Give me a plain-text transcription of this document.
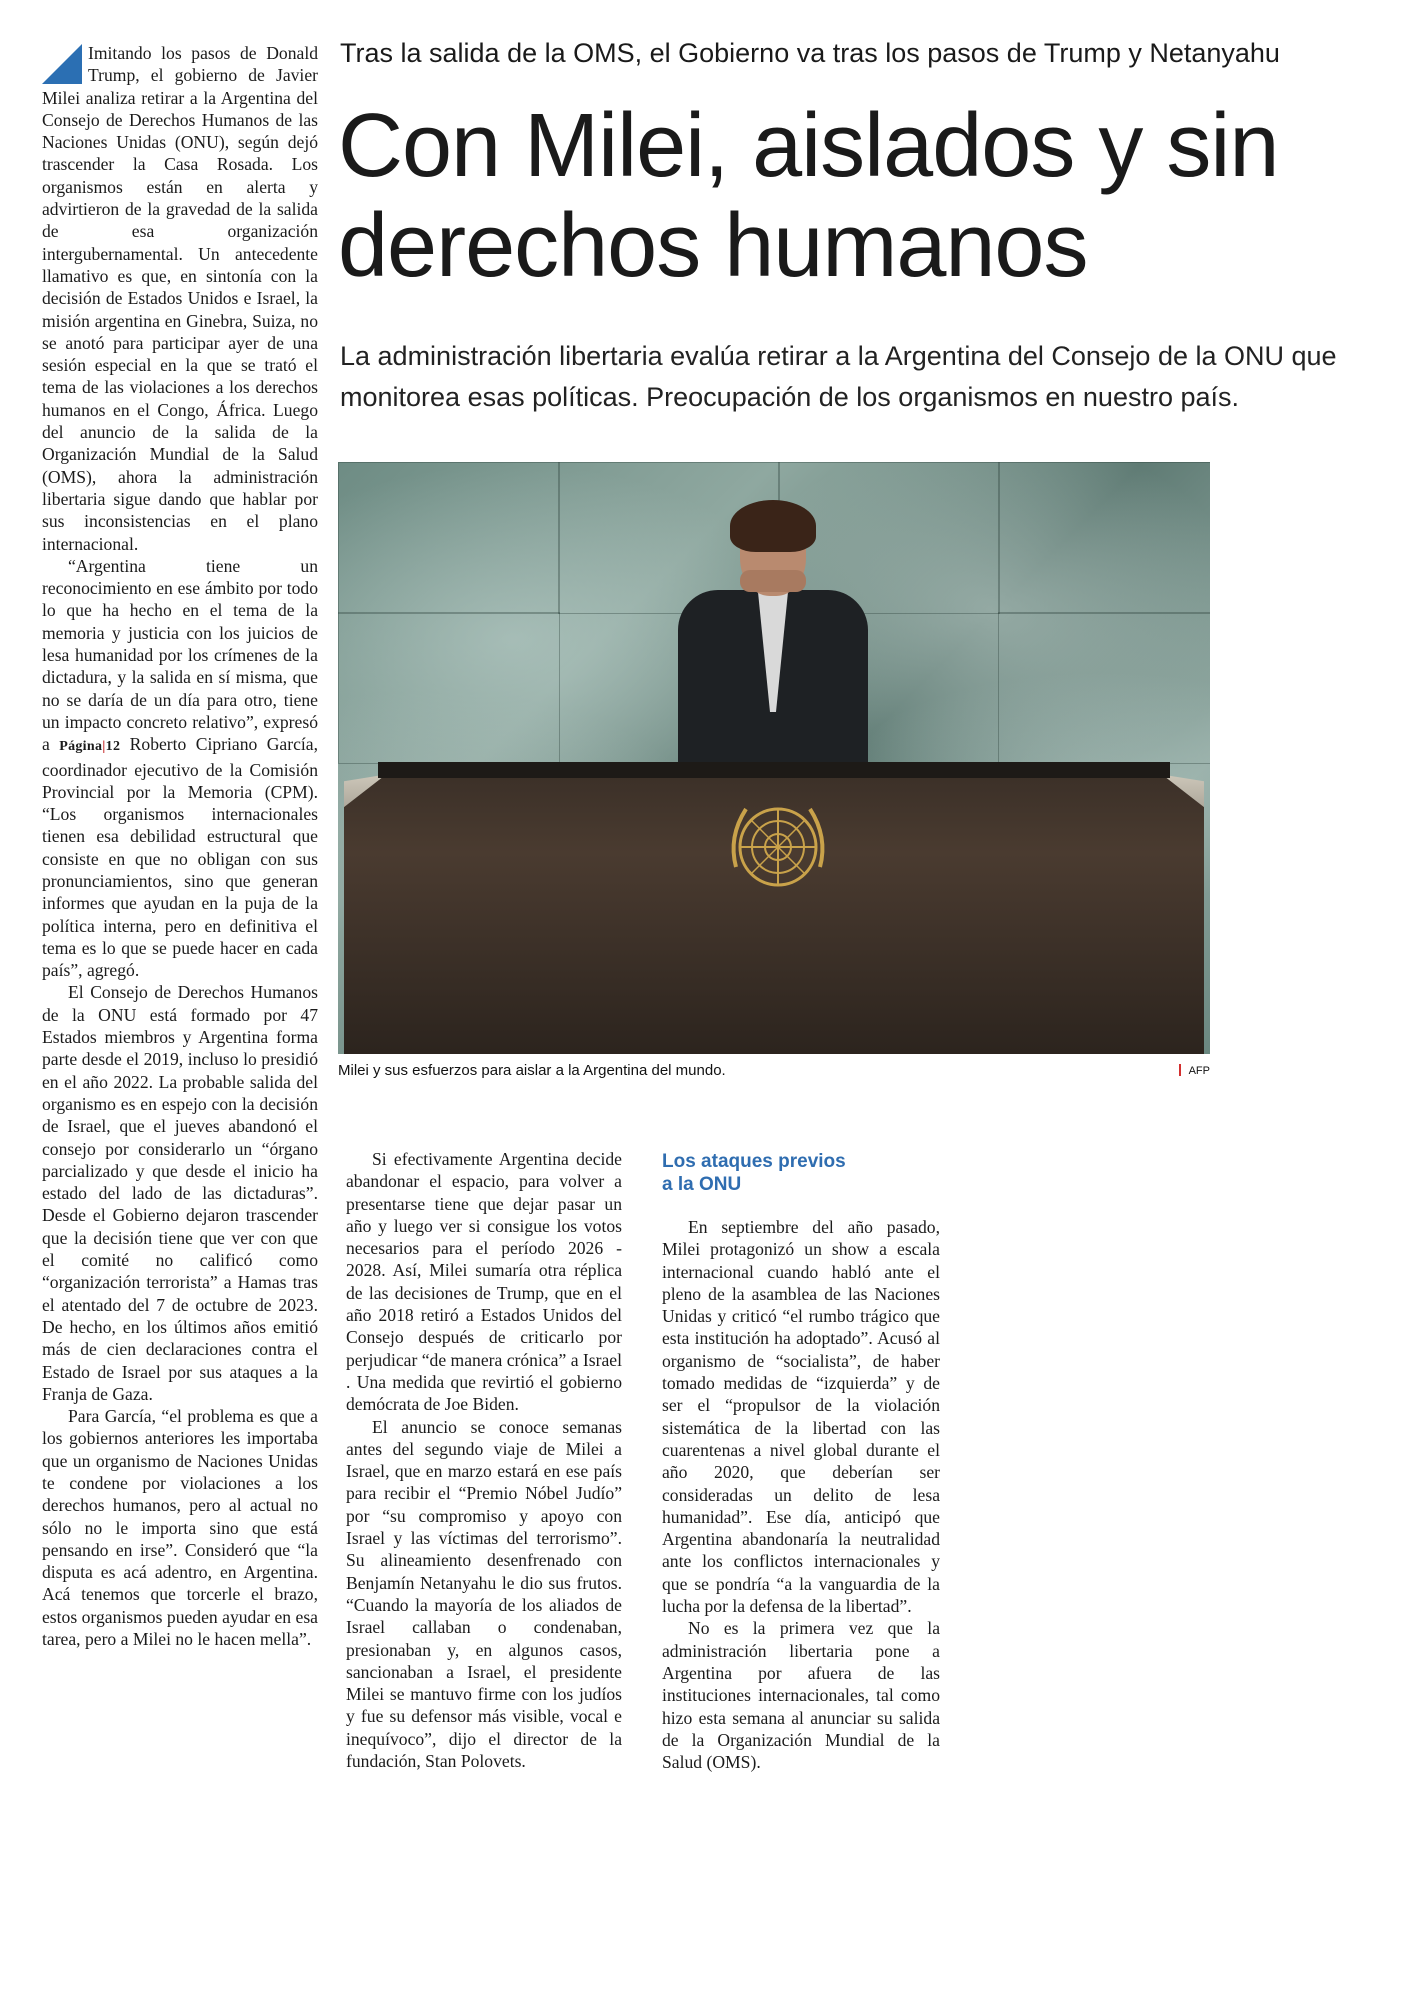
Tras la salida de la OMS, el Gobierno va tras los pasos de Trump y Netanyahu
Con Milei, aislados y sin derechos humanos
La administración libertaria evalúa retirar a la Argentina del Consejo de la ONU que monitorea esas políticas. Preocupación de los organismos en nuestro país.

Imitando los pasos de Donald Trump, el gobierno de Javier Milei analiza retirar a la Argentina del Consejo de Derechos Humanos de las Naciones Unidas (ONU), según dejó trascender la Casa Rosada. Los organismos están en alerta y advirtieron de la gravedad de la salida de esa organización intergubernamental. Un antecedente llamativo es que, en sintonía con la decisión de Estados Unidos e Israel, la misión argentina en Ginebra, Suiza, no se anotó para participar ayer de una sesión especial en la que se trató el tema de las violaciones a los derechos humanos en el Congo, África. Luego del anuncio de la salida de la Organización Mundial de la Salud (OMS), ahora la administración libertaria sigue dando que hablar por sus inconsistencias en el plano internacional.

“Argentina tiene un reconocimiento en ese ámbito por todo lo que ha hecho en el tema de la memoria y justicia con los juicios de lesa humanidad por los crímenes de la dictadura, y la salida en sí misma, que no se daría de un día para otro, tiene un impacto concreto relativo”, expresó a Página|12 Roberto Cipriano García, coordinador ejecutivo de la Comisión Provincial por la Memoria (CPM). “Los organismos internacionales tienen esa debilidad estructural que consiste en que no obligan con sus pronunciamientos, sino que generan informes que ayudan en la puja de la política interna, pero en definitiva el tema es lo que se puede hacer en cada país”, agregó.

El Consejo de Derechos Humanos de la ONU está formado por 47 Estados miembros y Argentina forma parte desde el 2019, incluso lo presidió en el año 2022. La probable salida del organismo es en espejo con la decisión de Israel, que el jueves abandonó el consejo por considerarlo un “órgano parcializado y que desde el inicio ha estado del lado de las dictaduras”. Desde el Gobierno dejaron trascender que la decisión tiene que ver con que el comité no calificó como “organización terrorista” a Hamas tras el atentado del 7 de octubre de 2023. De hecho, en los últimos años emitió más de cien declaraciones contra el Estado de Israel por sus ataques a la Franja de Gaza.

Para García, “el problema es que a los gobiernos anteriores les importaba que un organismo de Naciones Unidas te condene por violaciones a los derechos humanos, pero al actual no sólo no le importa sino que está pensando en irse”. Consideró que “la disputa es acá adentro, en Argentina. Acá tenemos que torcerle el brazo, estos organismos pueden ayudar en esa tarea, pero a Milei no le hacen mella”.

Milei y sus esfuerzos para aislar a la Argentina del mundo.	AFP

Si efectivamente Argentina decide abandonar el espacio, para volver a presentarse tiene que dejar pasar un año y luego ver si consigue los votos necesarios para el período 2026 - 2028. Así, Milei sumaría otra réplica de las decisiones de Trump, que en el año 2018 retiró a Estados Unidos del Consejo después de criticarlo por perjudicar “de manera crónica” a Israel . Una medida que revirtió el gobierno demócrata de Joe Biden.

El anuncio se conoce semanas antes del segundo viaje de Milei a Israel, que en marzo estará en ese país para recibir el “Premio Nóbel Judío” por “su compromiso y apoyo con Israel y las víctimas del terrorismo”. Su alineamiento desenfrenado con Benjamín Netanyahu le dio sus frutos. “Cuando la mayoría de los aliados de Israel callaban o condenaban, presionaban y, en algunos casos, sancionaban a Israel, el presidente Milei se mantuvo firme con los judíos y fue su defensor más visible, vocal e inequívoco”, dijo el director de la fundación, Stan Polovets.

Los ataques previos
a la ONU

En septiembre del año pasado, Milei protagonizó un show a escala internacional cuando habló ante el pleno de la asamblea de las Naciones Unidas y criticó “el rumbo trágico que esta institución ha adoptado”. Acusó al organismo de “socialista”, de haber tomado medidas de “izquierda” y de ser el “propulsor de la violación sistemática de la libertad con las cuarentenas a nivel global durante el año 2020, que deberían ser consideradas un delito de lesa humanidad”. Ese día, anticipó que Argentina abandonaría la neutralidad ante los conflictos internacionales y que se pondría “a la vanguardia de la lucha por la defensa de la libertad”.

No es la primera vez que la administración libertaria pone a Argentina por afuera de las instituciones internacionales, tal como hizo esta semana al anunciar su salida de la Organización Mundial de la Salud (OMS).
